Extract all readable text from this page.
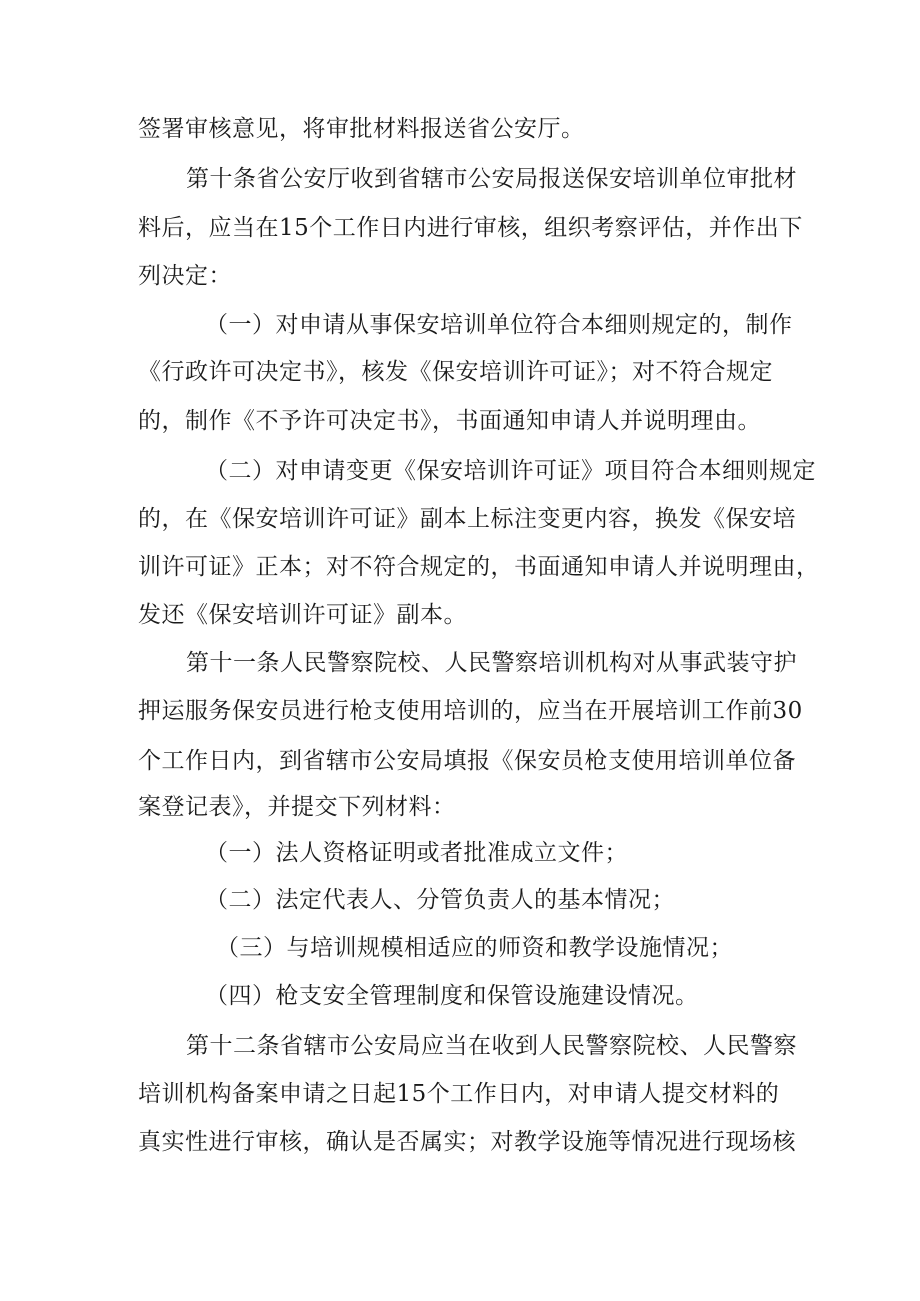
签署审核意见，将审批材料报送省公安厅。
第十条省公安厅收到省辖市公安局报送保安培训单位审批材
料后，应当在15个工作日内进行审核，组织考察评估，并作出下
列决定：
（一）对申请从事保安培训单位符合本细则规定的，制作
《行政许可决定书》，核发《保安培训许可证》；对不符合规定
的，制作《不予许可决定书》，书面通知申请人并说明理由。
（二）对申请变更《保安培训许可证》项目符合本细则规定
的，在《保安培训许可证》副本上标注变更内容，换发《保安培
训许可证》正本；对不符合规定的，书面通知申请人并说明理由，
发还《保安培训许可证》副本。
第十一条人民警察院校、人民警察培训机构对从事武装守护
押运服务保安员进行枪支使用培训的，应当在开展培训工作前30
个工作日内，到省辖市公安局填报《保安员枪支使用培训单位备
案登记表》，并提交下列材料：
（一）法人资格证明或者批准成立文件；
（二）法定代表人、分管负责人的基本情况；
（三）与培训规模相适应的师资和教学设施情况；
（四）枪支安全管理制度和保管设施建设情况。
第十二条省辖市公安局应当在收到人民警察院校、人民警察
培训机构备案申请之日起15个工作日内，对申请人提交材料的
真实性进行审核，确认是否属实；对教学设施等情况进行现场核
